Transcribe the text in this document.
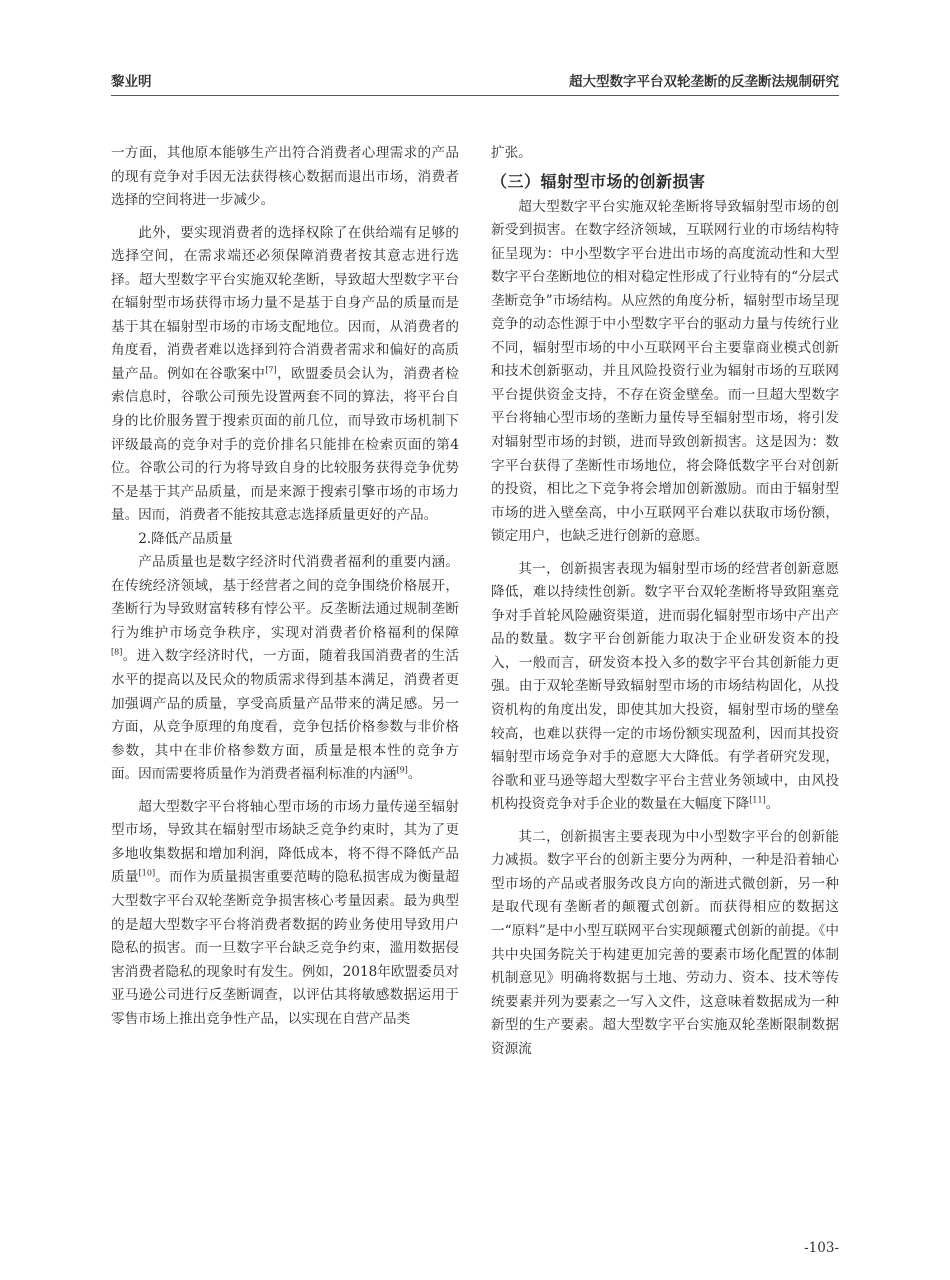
黎业明	超大型数字平台双轮垄断的反垄断法规制研究

一方面，其他原本能够生产出符合消费者心理需求的产品的现有竞争对手因无法获得核心数据而退出市场，消费者选择的空间将进一步减少。

此外，要实现消费者的选择权除了在供给端有足够的选择空间，在需求端还必须保障消费者按其意志进行选择。超大型数字平台实施双轮垄断，导致超大型数字平台在辐射型市场获得市场力量不是基于自身产品的质量而是基于其在辐射型市场的市场支配地位。因而，从消费者的角度看，消费者难以选择到符合消费者需求和偏好的高质量产品。例如在谷歌案中[7]，欧盟委员会认为，消费者检索信息时，谷歌公司预先设置两套不同的算法，将平台自身的比价服务置于搜索页面的前几位，而导致市场机制下评级最高的竞争对手的竞价排名只能排在检索页面的第4位。谷歌公司的行为将导致自身的比较服务获得竞争优势不是基于其产品质量，而是来源于搜索引擎市场的市场力量。因而，消费者不能按其意志选择质量更好的产品。

2.降低产品质量

产品质量也是数字经济时代消费者福利的重要内涵。在传统经济领域，基于经营者之间的竞争围绕价格展开，垄断行为导致财富转移有悖公平。反垄断法通过规制垄断行为维护市场竞争秩序，实现对消费者价格福利的保障[8]。进入数字经济时代，一方面，随着我国消费者的生活水平的提高以及民众的物质需求得到基本满足，消费者更加强调产品的质量，享受高质量产品带来的满足感。另一方面，从竞争原理的角度看，竞争包括价格参数与非价格参数，其中在非价格参数方面，质量是根本性的竞争方面。因而需要将质量作为消费者福利标准的内涵[9]。

超大型数字平台将轴心型市场的市场力量传递至辐射型市场，导致其在辐射型市场缺乏竞争约束时，其为了更多地收集数据和增加利润，降低成本，将不得不降低产品质量[10]。而作为质量损害重要范畴的隐私损害成为衡量超大型数字平台双轮垄断竞争损害核心考量因素。最为典型的是超大型数字平台将消费者数据的跨业务使用导致用户隐私的损害。而一旦数字平台缺乏竞争约束，滥用数据侵害消费者隐私的现象时有发生。例如，2018年欧盟委员对亚马逊公司进行反垄断调查，以评估其将敏感数据运用于零售市场上推出竞争性产品，以实现在自营产品类

扩张。

（三）辐射型市场的创新损害

超大型数字平台实施双轮垄断将导致辐射型市场的创新受到损害。在数字经济领域，互联网行业的市场结构特征呈现为：中小型数字平台进出市场的高度流动性和大型数字平台垄断地位的相对稳定性形成了行业特有的“分层式垄断竞争”市场结构。从应然的角度分析，辐射型市场呈现竞争的动态性源于中小型数字平台的驱动力量与传统行业不同，辐射型市场的中小互联网平台主要靠商业模式创新和技术创新驱动，并且风险投资行业为辐射市场的互联网平台提供资金支持，不存在资金壁垒。而一旦超大型数字平台将轴心型市场的垄断力量传导至辐射型市场，将引发对辐射型市场的封锁，进而导致创新损害。这是因为：数字平台获得了垄断性市场地位，将会降低数字平台对创新的投资，相比之下竞争将会增加创新激励。而由于辐射型市场的进入壁垒高，中小互联网平台难以获取市场份额，锁定用户，也缺乏进行创新的意愿。

其一，创新损害表现为辐射型市场的经营者创新意愿降低，难以持续性创新。数字平台双轮垄断将导致阻塞竞争对手首轮风险融资渠道，进而弱化辐射型市场中产出产品的数量。数字平台创新能力取决于企业研发资本的投入，一般而言，研发资本投入多的数字平台其创新能力更强。由于双轮垄断导致辐射型市场的市场结构固化，从投资机构的角度出发，即使其加大投资，辐射型市场的壁垒较高，也难以获得一定的市场份额实现盈利，因而其投资辐射型市场竞争对手的意愿大大降低。有学者研究发现，谷歌和亚马逊等超大型数字平台主营业务领域中，由风投机构投资竞争对手企业的数量在大幅度下降[11]。

其二，创新损害主要表现为中小型数字平台的创新能力减损。数字平台的创新主要分为两种，一种是沿着轴心型市场的产品或者服务改良方向的渐进式微创新，另一种是取代现有垄断者的颠覆式创新。而获得相应的数据这一“原料”是中小型互联网平台实现颠覆式创新的前提。《中共中央国务院关于构建更加完善的要素市场化配置的体制机制意见》明确将数据与土地、劳动力、资本、技术等传统要素并列为要素之一写入文件，这意味着数据成为一种新型的生产要素。超大型数字平台实施双轮垄断限制数据资源流

-103-
